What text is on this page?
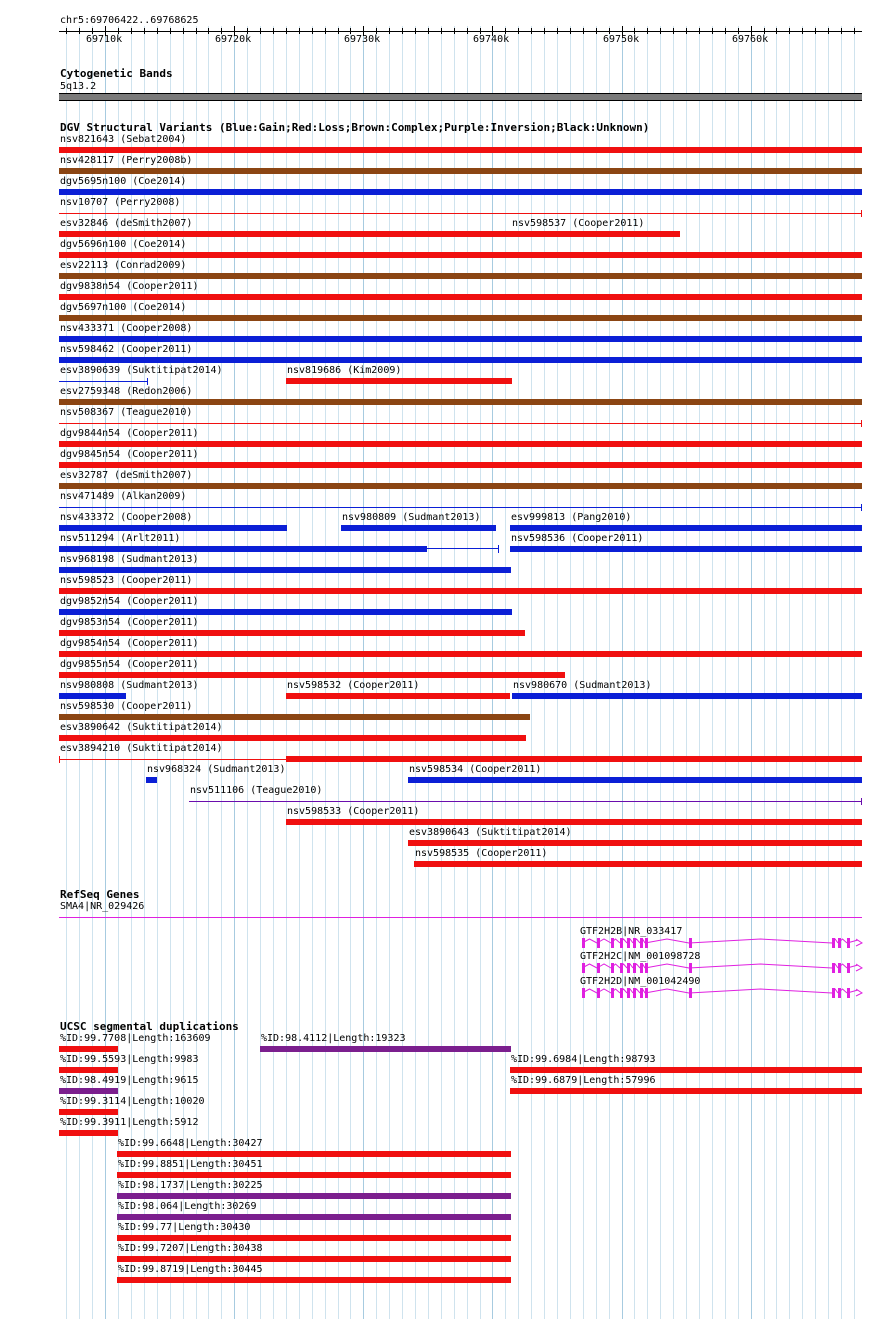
chr5:69706422..69768625
69710k	69720k	69730k	69740k	69750k	69760k
Cytogenetic Bands
5q13.2
DGV Structural Variants (Blue:Gain;Red:Loss;Brown:Complex;Purple:Inversion;Black:Unknown)
nsv821643 (Sebat2004)
nsv428117 (Perry2008b)
dgv5695n100 (Coe2014)
nsv10707 (Perry2008)
esv32846 (deSmith2007)	nsv598537 (Cooper2011)
dgv5696n100 (Coe2014)
esv22113 (Conrad2009)
dgv9838n54 (Cooper2011)
dgv5697n100 (Coe2014)
nsv433371 (Cooper2008)
nsv598462 (Cooper2011)
esv3890639 (Suktitipat2014)	nsv819686 (Kim2009)
esv2759348 (Redon2006)
nsv508367 (Teague2010)
dgv9844n54 (Cooper2011)
dgv9845n54 (Cooper2011)
esv32787 (deSmith2007)
nsv471489 (Alkan2009)
nsv433372 (Cooper2008)	nsv980809 (Sudmant2013)	esv999813 (Pang2010)
nsv511294 (Arlt2011)	nsv598536 (Cooper2011)
nsv968198 (Sudmant2013)
nsv598523 (Cooper2011)
dgv9852n54 (Cooper2011)
dgv9853n54 (Cooper2011)
dgv9854n54 (Cooper2011)
dgv9855n54 (Cooper2011)
nsv980808 (Sudmant2013)	nsv598532 (Cooper2011)	nsv980670 (Sudmant2013)
nsv598530 (Cooper2011)
esv3890642 (Suktitipat2014)
esv3894210 (Suktitipat2014)
nsv968324 (Sudmant2013)	nsv598534 (Cooper2011)
nsv511106 (Teague2010)
nsv598533 (Cooper2011)
esv3890643 (Suktitipat2014)
nsv598535 (Cooper2011)
RefSeq Genes
SMA4|NR_029426
GTF2H2B|NR_033417
GTF2H2C|NM_001098728
GTF2H2D|NM_001042490
UCSC segmental duplications
%ID:99.7708|Length:163609	%ID:98.4112|Length:19323
%ID:99.5593|Length:9983	%ID:99.6984|Length:98793
%ID:98.4919|Length:9615	%ID:99.6879|Length:57996
%ID:99.3114|Length:10020
%ID:99.3911|Length:5912
%ID:99.6648|Length:30427
%ID:99.8851|Length:30451
%ID:98.1737|Length:30225
%ID:98.064|Length:30269
%ID:99.77|Length:30430
%ID:99.7207|Length:30438
%ID:99.8719|Length:30445
